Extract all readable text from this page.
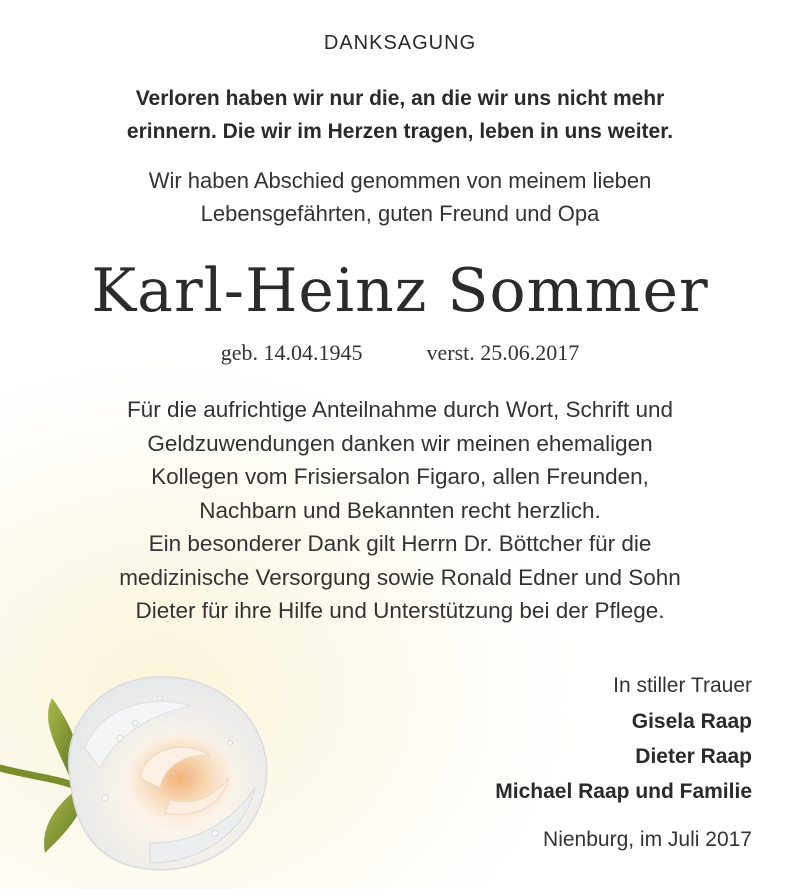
DANKSAGUNG
Verloren haben wir nur die, an die wir uns nicht mehr
erinnern. Die wir im Herzen tragen, leben in uns weiter.
Wir haben Abschied genommen von meinem lieben
Lebensgefährten, guten Freund und Opa
Karl-Heinz Sommer
geb. 14.04.1945	verst. 25.06.2017
Für die aufrichtige Anteilnahme durch Wort, Schrift und
Geldzuwendungen danken wir meinen ehemaligen
Kollegen vom Frisiersalon Figaro, allen Freunden,
Nachbarn und Bekannten recht herzlich.
Ein besonderer Dank gilt Herrn Dr. Böttcher für die
medizinische Versorgung sowie Ronald Edner und Sohn
Dieter für ihre Hilfe und Unterstützung bei der Pflege.
In stiller Trauer
Gisela Raap
Dieter Raap
Michael Raap und Familie
Nienburg, im Juli 2017
